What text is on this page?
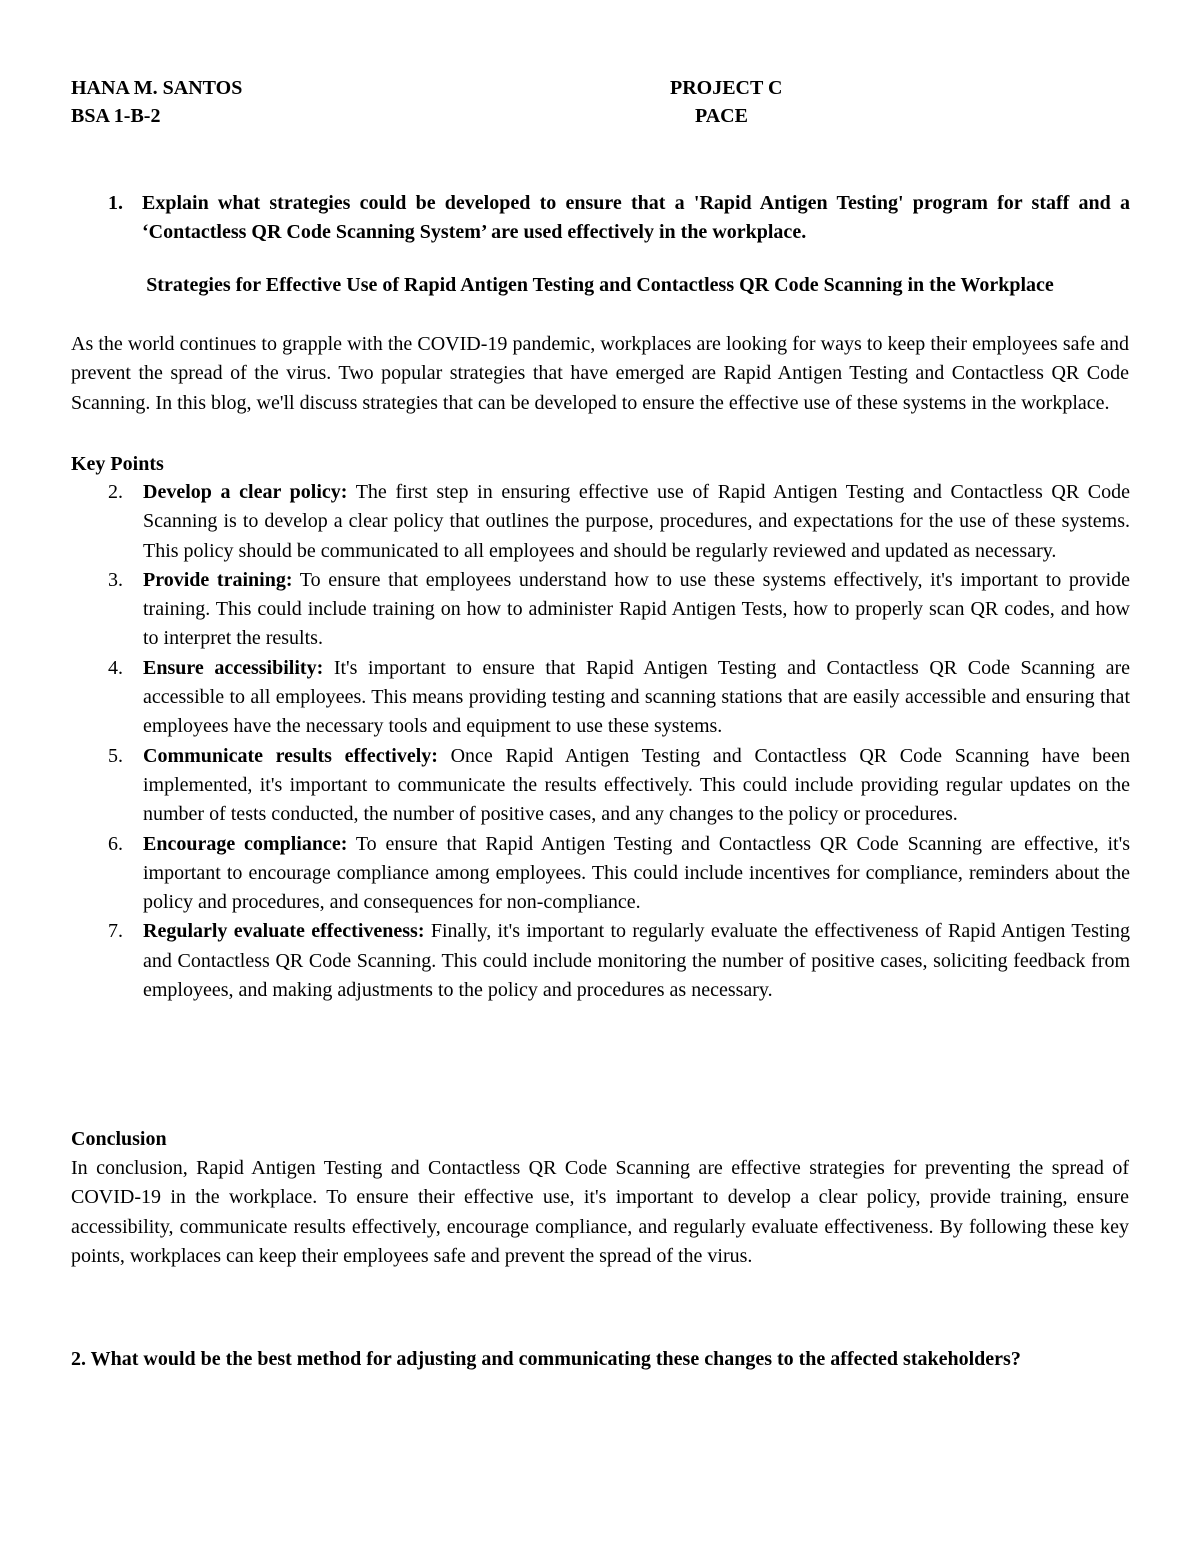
HANA M. SANTOS
BSA 1-B-2
PROJECT C
PACE
1. Explain what strategies could be developed to ensure that a 'Rapid Antigen Testing' program for staff and a ‘Contactless QR Code Scanning System’ are used effectively in the workplace.
Strategies for Effective Use of Rapid Antigen Testing and Contactless QR Code Scanning in the Workplace
As the world continues to grapple with the COVID-19 pandemic, workplaces are looking for ways to keep their employees safe and prevent the spread of the virus. Two popular strategies that have emerged are Rapid Antigen Testing and Contactless QR Code Scanning. In this blog, we'll discuss strategies that can be developed to ensure the effective use of these systems in the workplace.
Key Points
2. Develop a clear policy: The first step in ensuring effective use of Rapid Antigen Testing and Contactless QR Code Scanning is to develop a clear policy that outlines the purpose, procedures, and expectations for the use of these systems. This policy should be communicated to all employees and should be regularly reviewed and updated as necessary.
3. Provide training: To ensure that employees understand how to use these systems effectively, it's important to provide training. This could include training on how to administer Rapid Antigen Tests, how to properly scan QR codes, and how to interpret the results.
4. Ensure accessibility: It's important to ensure that Rapid Antigen Testing and Contactless QR Code Scanning are accessible to all employees. This means providing testing and scanning stations that are easily accessible and ensuring that employees have the necessary tools and equipment to use these systems.
5. Communicate results effectively: Once Rapid Antigen Testing and Contactless QR Code Scanning have been implemented, it's important to communicate the results effectively. This could include providing regular updates on the number of tests conducted, the number of positive cases, and any changes to the policy or procedures.
6. Encourage compliance: To ensure that Rapid Antigen Testing and Contactless QR Code Scanning are effective, it's important to encourage compliance among employees. This could include incentives for compliance, reminders about the policy and procedures, and consequences for non-compliance.
7. Regularly evaluate effectiveness: Finally, it's important to regularly evaluate the effectiveness of Rapid Antigen Testing and Contactless QR Code Scanning. This could include monitoring the number of positive cases, soliciting feedback from employees, and making adjustments to the policy and procedures as necessary.
Conclusion
In conclusion, Rapid Antigen Testing and Contactless QR Code Scanning are effective strategies for preventing the spread of COVID-19 in the workplace. To ensure their effective use, it's important to develop a clear policy, provide training, ensure accessibility, communicate results effectively, encourage compliance, and regularly evaluate effectiveness. By following these key points, workplaces can keep their employees safe and prevent the spread of the virus.
2. What would be the best method for adjusting and communicating these changes to the affected stakeholders?
